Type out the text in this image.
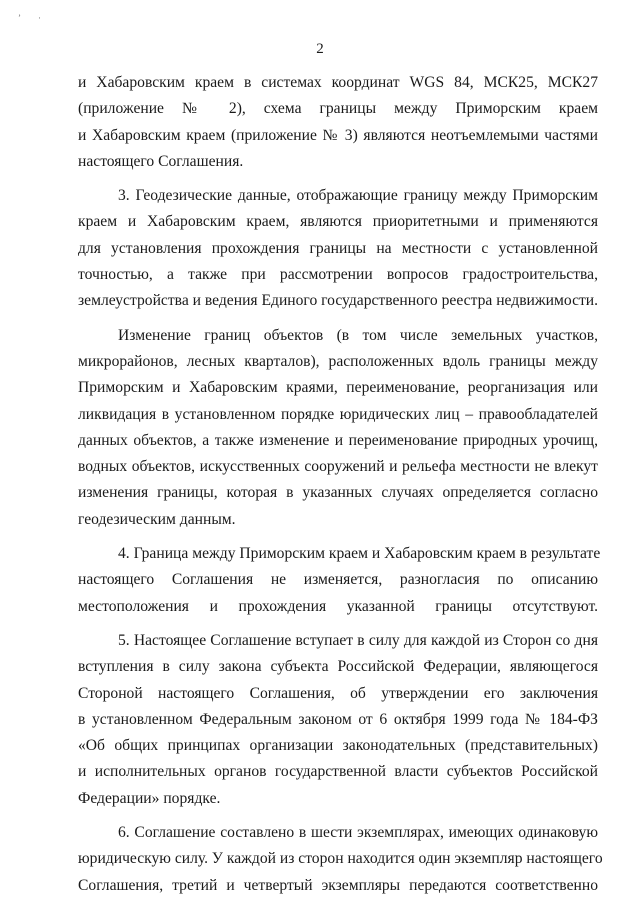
ʼ ·
2
и Хабаровским краем в системах координат WGS 84, МСК25, МСК27
(приложение № 2), схема границы между Приморским краем
и Хабаровским краем (приложение № 3) являются неотъемлемыми частями
настоящего Соглашения.
3. Геодезические данные, отображающие границу между Приморским
краем и Хабаровским краем, являются приоритетными и применяются
для установления прохождения границы на местности с установленной
точностью, а также при рассмотрении вопросов градостроительства,
землеустройства и ведения Единого государственного реестра недвижимости.
Изменение границ объектов (в том числе земельных участков,
микрорайонов, лесных кварталов), расположенных вдоль границы между
Приморским и Хабаровским краями, переименование, реорганизация или
ликвидация в установленном порядке юридических лиц – правообладателей
данных объектов, а также изменение и переименование природных урочищ,
водных объектов, искусственных сооружений и рельефа местности не влекут
изменения границы, которая в указанных случаях определяется согласно
геодезическим данным.
4. Граница между Приморским краем и Хабаровским краем в результате
настоящего Соглашения не изменяется, разногласия по описанию
местоположения и прохождения указанной границы отсутствуют.
5. Настоящее Соглашение вступает в силу для каждой из Сторон со дня
вступления в силу закона субъекта Российской Федерации, являющегося
Стороной настоящего Соглашения, об утверждении его заключения
в установленном Федеральным законом от 6 октября 1999 года № 184-ФЗ
«Об общих принципах организации законодательных (представительных)
и исполнительных органов государственной власти субъектов Российской
Федерации» порядке.
6. Соглашение составлено в шести экземплярах, имеющих одинаковую
юридическую силу. У каждой из сторон находится один экземпляр настоящего
Соглашения, третий и четвертый экземпляры передаются соответственно
